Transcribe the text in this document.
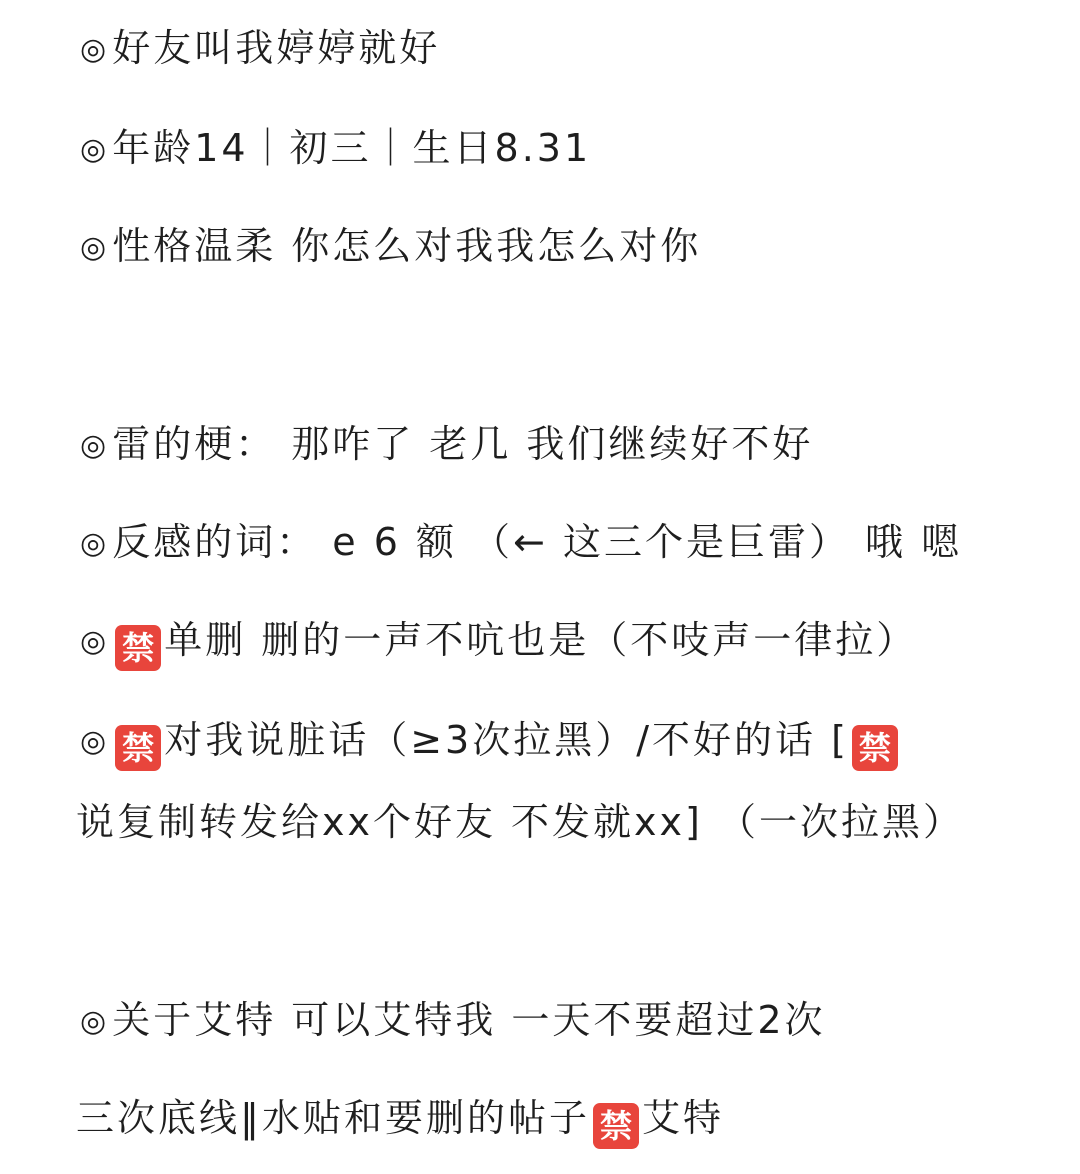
◎ 好友叫我婷婷就好
◎ 年龄14｜初三｜生日8.31
◎ 性格温柔 你怎么对我我怎么对你
◎ 雷的梗： 那咋了 老几 我们继续好不好
◎ 反感的词： e 6 额 （← 这三个是巨雷） 哦 嗯
◎ 禁 单删 删的一声不吭也是（不吱声一律拉）
◎ 禁 对我说脏话（≥3次拉黑）/不好的话 [ 禁
说复制转发给xx个好友 不发就xx] （一次拉黑）
◎ 关于艾特 可以艾特我 一天不要超过2次
三次底线‖水贴和要删的帖子 禁 艾特
